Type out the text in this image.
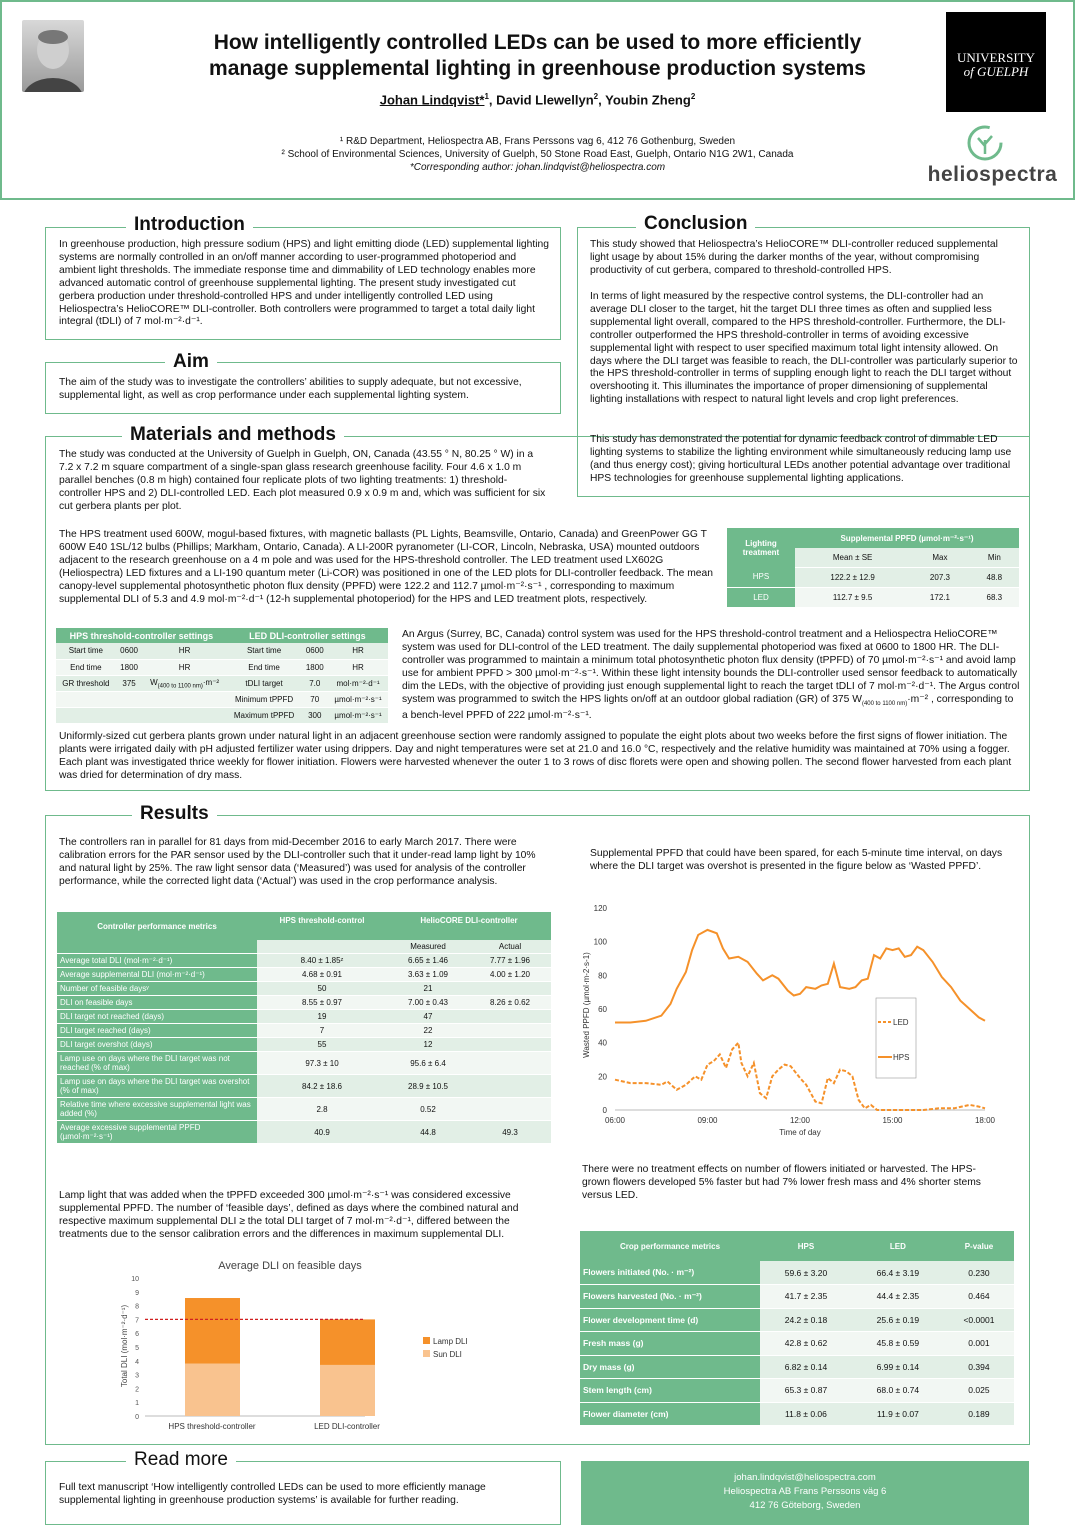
How intelligently controlled LEDs can be used to more efficiently
manage supplemental lighting in greenhouse production systems
Johan Lindqvist*$^1$, David Llewellyn$^2$, Youbin Zheng$^2$
¹ R&D Department, Heliospectra AB, Frans Perssons vag 6, 412 76 Gothenburg, Sweden
² School of Environmental Sciences, University of Guelph, 50 Stone Road East, Guelph, Ontario N1G 2W1, Canada
*Corresponding author: johan.lindqvist@heliospectra.com
UNIVERSITY
of GUELPH
heliospectra
Introduction
In greenhouse production, high pressure sodium (HPS) and light emitting diode (LED) supplemental lighting systems are normally controlled in an on/off manner according to user-programmed photoperiod and ambient light thresholds. The immediate response time and dimmability of LED technology enables more advanced automatic control of greenhouse supplemental lighting. The present study investigated cut gerbera production under threshold-controlled HPS and under intelligently controlled LED using Heliospectra’s HelioCORE™ DLI-controller. Both controllers were programmed to target a total daily light integral (tDLI) of 7 mol·m⁻²·d⁻¹.
Aim
The aim of the study was to investigate the controllers’ abilities to supply adequate, but not excessive, supplemental light, as well as crop performance under each supplemental lighting system.
Materials and methods
The study was conducted at the University of Guelph in Guelph, ON, Canada (43.55 ° N, 80.25 ° W) in a 7.2 x 7.2 m square compartment of a single-span glass research greenhouse facility. Four 4.6 x 1.0 m parallel benches (0.8 m high) contained four replicate plots of two lighting treatments: 1) threshold-controller HPS and 2) DLI-controlled LED. Each plot measured 0.9 x 0.9 m and, which was sufficient for six cut gerbera plants per plot.
The HPS treatment used 600W, mogul-based fixtures, with magnetic ballasts (PL Lights, Beamsville, Ontario, Canada) and GreenPower GG T 600W E40 1SL/12 bulbs (Phillips; Markham, Ontario, Canada). A LI-200R pyranometer (LI-COR, Lincoln, Nebraska, USA) mounted outdoors adjacent to the research greenhouse on a 4 m pole and was used for the HPS-threshold controller. The LED treatment used LX602G (Heliospectra) LED fixtures and a LI-190 quantum meter (Li-COR) was positioned in one of the LED plots for DLI-controller feedback. The mean canopy-level supplemental photosynthetic photon flux density (PPFD) were 122.2 and 112.7 µmol·m⁻²·s⁻¹ , corresponding to maximum supplemental DLI of 5.3 and 4.9 mol·m⁻²·d⁻¹ (12-h supplemental photoperiod) for the HPS and LED treatment plots, respectively.
Lighting treatment	Supplemental PPFD (µmol·m⁻²·s⁻¹)		
	Mean ± SE	Max	Min
HPS	122.2 ± 12.9	207.3	48.8
LED	112.7 ± 9.5	172.1	68.3
HPS threshold-controller settings			LED DLI-controller settings		
Start time	0600	HR	Start time	0600	HR
End time	1800	HR	End time	1800	HR
GR threshold	375	$W_{(400 to 1100 nm)}\cdot m^{-2}$	tDLI target	7.0	mol·m⁻²·d⁻¹
			Minimum tPPFD	70	µmol·m⁻²·s⁻¹
			Maximum tPPFD	300	µmol·m⁻²·s⁻¹
An Argus (Surrey, BC, Canada) control system was used for the HPS threshold-control treatment and a Heliospectra HelioCORE™ system was used for DLI-control of the LED treatment. The daily supplemental photoperiod was fixed at 0600 to 1800 HR. The DLI-controller was programmed to maintain a minimum total photosynthetic photon flux density (tPPFD) of 70 µmol·m⁻²·s⁻¹ and avoid lamp use for ambient PPFD > 300 µmol·m⁻²·s⁻¹. Within these light intensity bounds the DLI-controller used sensor feedback to automatically dim the LEDs, with the objective of providing just enough supplemental light to reach the target tDLI of 7 mol·m⁻²·d⁻¹. The Argus control system was programmed to switch the HPS lights on/off at an outdoor global radiation (GR) of 375 $W_{(400 to 1100 nm)}\cdot m^{-2}$ , corresponding to a bench-level PPFD of 222 µmol·m⁻²·s⁻¹.
Uniformly-sized cut gerbera plants grown under natural light in an adjacent greenhouse section were randomly assigned to populate the eight plots about two weeks before the first signs of flower initiation. The plants were irrigated daily with pH adjusted fertilizer water using drippers. Day and night temperatures were set at 21.0 and 16.0 °C, respectively and the relative humidity was maintained at 70% using a fogger. Each plant was investigated thrice weekly for flower initiation. Flowers were harvested whenever the outer 1 to 3 rows of disc florets were open and showing pollen. The second flower harvested from each plant was dried for determination of dry mass.
Conclusion
This study showed that Heliospectra’s HelioCORE™ DLI-controller reduced supplemental light usage by about 15% during the darker months of the year, without compromising productivity of cut gerbera, compared to threshold-controlled HPS.
In terms of light measured by the respective control systems, the DLI-controller had an average DLI closer to the target, hit the target DLI three times as often and supplied less supplemental light overall, compared to the HPS threshold-controller. Furthermore, the DLI-controller outperformed the HPS threshold-controller in terms of avoiding excessive supplemental light with respect to user specified maximum total light intensity allowed. On days where the DLI target was feasible to reach, the DLI-controller was particularly superior to the HPS threshold-controller in terms of suppling enough light to reach the DLI target without overshooting it. This illuminates the importance of proper dimensioning of supplemental lighting installations with respect to natural light levels and crop light preferences.
This study has demonstrated the potential for dynamic feedback control of dimmable LED lighting systems to stabilize the lighting environment while simultaneously reducing lamp use (and thus energy cost); giving horticultural LEDs another potential advantage over traditional HPS technologies for greenhouse supplemental lighting applications.
Results
The controllers ran in parallel for 81 days from mid-December 2016 to early March 2017. There were calibration errors for the PAR sensor used by the DLI-controller such that it under-read lamp light by 10% and natural light by 25%. The raw light sensor data (‘Measured’) was used for analysis of the controller performance, while the corrected light data (‘Actual’) was used in the crop performance analysis.
Controller performance metrics	HPS threshold-control	HelioCORE DLI-controller	

		Measured	Actual
Average total DLI (mol·m⁻²·d⁻¹)	8.40 ± 1.85ᶻ	6.65 ± 1.46	7.77 ± 1.96
Average supplemental DLI (mol·m⁻²·d⁻¹)	4.68 ± 0.91	3.63 ± 1.09	4.00 ± 1.20
Number of feasible daysʸ	50	21	
DLI on feasible days	8.55 ± 0.97	7.00 ± 0.43	8.26 ± 0.62
DLI target not reached (days)	19	47	
DLI target reached (days)	7	22	
DLI target overshot (days)	55	12	
Lamp use on days where the DLI target was not reached (% of max)	97.3 ± 10	95.6 ± 6.4	
Lamp use on days where the DLI target was overshot (% of max)	84.2 ± 18.6	28.9 ± 10.5	
Relative time where excessive supplemental light was added (%)	2.8	0.52	
Average excessive supplemental PPFD (µmol·m⁻²·s⁻¹)	40.9	44.8	49.3
Lamp light that was added when the tPPFD exceeded 300 µmol·m⁻²·s⁻¹ was considered excessive supplemental PPFD. The number of ‘feasible days’, defined as days where the combined natural and respective maximum supplemental DLI ≥ the total DLI target of 7 mol·m⁻²·d⁻¹, differed between the treatments due to the sensor calibration errors and the differences in maximum supplemental DLI.
Average DLI on feasible days
0
1
2
3
4
5
6
7
8
9
10
Total DLI (mol·m⁻²·d⁻¹)
HPS threshold-controller	LED DLI-controller
Lamp DLI
Sun DLI
Supplemental PPFD that could have been spared, for each 5-minute time interval, on days where the DLI target was overshot is presented in the figure below as ‘Wasted PPFD’.
0
20
40
60
80
100
120
06:00	09:00	12:00	15:00	18:00
Time of day
Wasted PPFD (µmol·m-2·s-1)	LED
HPS
There were no treatment effects on number of flowers initiated or harvested. The HPS-grown flowers developed 5% faster but had 7% lower fresh mass and 4% shorter stems versus LED.
Crop performance metrics	HPS	LED	P-value
Flowers initiated (No. · m⁻²)	59.6 ± 3.20	66.4 ± 3.19	0.230
Flowers harvested (No. · m⁻²)	41.7 ± 2.35	44.4 ± 2.35	0.464
Flower development time (d)	24.2 ± 0.18	25.6 ± 0.19	<0.0001
Fresh mass (g)	42.8 ± 0.62	45.8 ± 0.59	0.001
Dry mass (g)	6.82 ± 0.14	6.99 ± 0.14	0.394
Stem length (cm)	65.3 ± 0.87	68.0 ± 0.74	0.025
Flower diameter (cm)	11.8 ± 0.06	11.9 ± 0.07	0.189
Read more
Full text manuscript ‘How intelligently controlled LEDs can be used to more efficiently manage supplemental lighting in greenhouse production systems’ is available for further reading.
johan.lindqvist@heliospectra.com
Heliospectra AB Frans Perssons väg 6
412 76 Göteborg, Sweden
